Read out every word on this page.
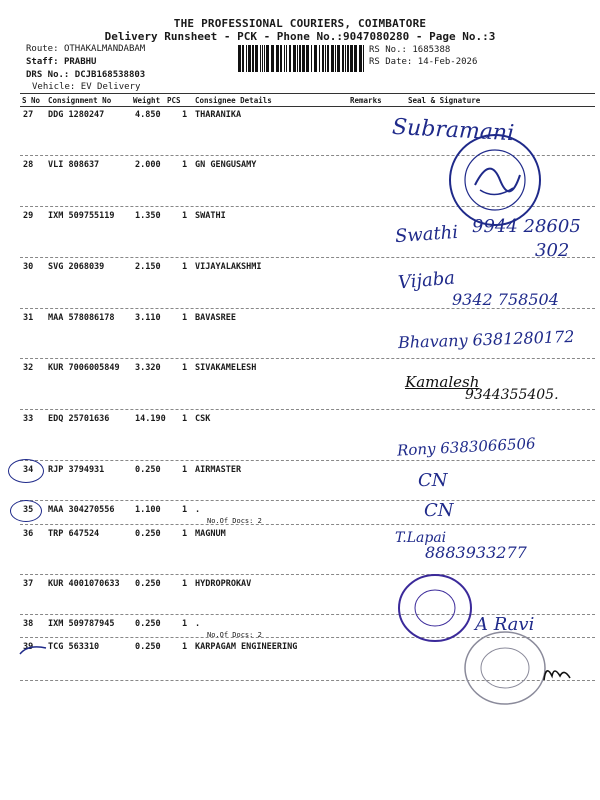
THE PROFESSIONAL COURIERS, COIMBATORE
Delivery Runsheet - PCK - Phone No.:9047080280 - Page No.:3
Route: OTHAKALMANDABAM
Staff: PRABHU
DRS No.: DCJB168538803
Vehicle: EV Delivery
RS No.: 1685388
RS Date: 14-Feb-2026
S No Consignment No	Weight PCS Consignee Details	Remarks	Seal & Signature
27 DDG 1280247	4.850	1 THARANIKA
28 VLI 808637	2.000	1 GN GENGUSAMY
29 IXM 509755119 1.350	1 SWATHI
30 SVG 2068039	2.150	1 VIJAYALAKSHMI
31 MAA 578086178 3.110	1 BAVASREE
32 KUR 7006005849 3.320	1 SIVAKAMELESH
33 EDQ 25701636	14.190 1 CSK
34 RJP 3794931	0.250	1 AIRMASTER
35 MAA 304270556 1.100	1 .
No.Of Docs: 2
36 TRP 647524	0.250	1 MAGNUM
37 KUR 4001070633 0.250	1 HYDROPROKAV
38 IXM 509787945 0.250	1 .
No.Of Docs: 2
39 TCG 563310	0.250	1 KARPAGAM ENGINEERING
Subramani
Swathi 9944 28605
302
Vijaba
9342 758504
Bhavany 6381280172
Kamalesh
9344355405.
Rony 6383066506
CN
CN
T.Lapai
8883933277
A Ravi
